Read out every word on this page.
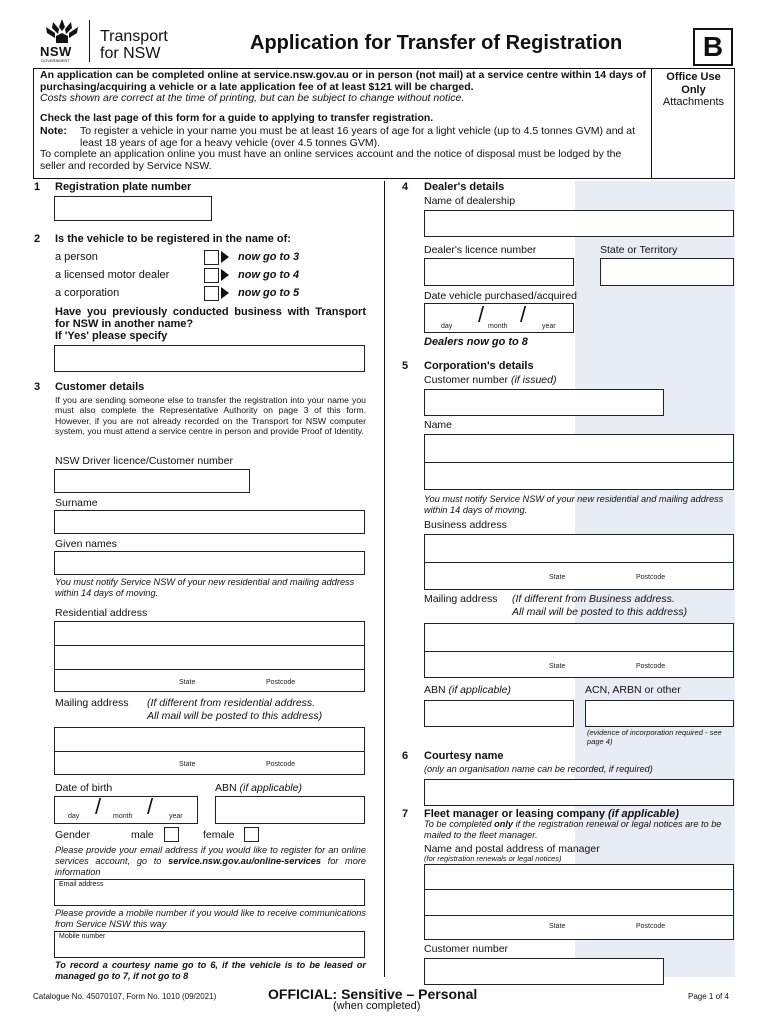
NSW
GOVERNMENT
Transport
for NSW	Application for Transfer of Registration	B
An application can be completed online at service.nsw.gov.au or in person (not mail) at a service centre within 14 days of purchasing/acquiring a vehicle or a late application fee of at least $121 will be charged.
Costs shown are correct at the time of printing, but can be subject to change without notice.
Check the last page of this form for a guide to applying to transfer registration.
Note: To register a vehicle in your name you must be at least 16 years of age for a light vehicle (up to 4.5 tonnes GVM) and at least 18 years of age for a heavy vehicle (over 4.5 tonnes GVM).
To complete an application online you must have an online services account and the notice of disposal must be lodged by the seller and recorded by Service NSW.
Office Use
Only
Attachments
1 Registration plate number
2 Is the vehicle to be registered in the name of:
a person	now go to 3
a licensed motor dealer	now go to 4
a corporation	now go to 5
Have you previously conducted business with Transport for NSW in another name?
If 'Yes' please specify
3 Customer details
If you are sending someone else to transfer the registration into your name you must also complete the Representative Authority on page 3 of this form. However, if you are not already recorded on the Transport for NSW computer system, you must attend a service centre in person and provide Proof of Identity.
NSW Driver licence/Customer number
Surname
Given names
You must notify Service NSW of your new residential and mailing address within 14 days of moving.
Residential address
State	Postcode
Mailing address (If different from residential address.
All mail will be posted to this address)
State	Postcode
Date of birth	ABN (if applicable)
day / month / year
Gender	male	female
Please provide your email address if you would like to register for an online services account, go to service.nsw.gov.au/online-services for more information
Email address
Please provide a mobile number if you would like to receive communications from Service NSW this way
Mobile number
To record a courtesy name go to 6, if the vehicle is to be leased or managed go to 7, if not go to 8
4 Dealer's details
Name of dealership
Dealer's licence number	State or Territory
Date vehicle purchased/acquired
day / month / year
Dealers now go to 8
5 Corporation's details
Customer number (if issued)
Name
You must notify Service NSW of your new residential and mailing address within 14 days of moving.
Business address
State	Postcode
Mailing address (If different from Business address.
All mail will be posted to this address)
State	Postcode
ABN (if applicable)	ACN, ARBN or other
(evidence of incorporation required - see page 4)
6 Courtesy name
(only an organisation name can be recorded, if required)
7 Fleet manager or leasing company (if applicable)
To be completed only if the registration renewal or legal notices are to be mailed to the fleet manager.
Name and postal address of manager
(for registration renewals or legal notices)
State	Postcode
Customer number
Catalogue No. 45070107, Form No. 1010 (09/2021)	OFFICIAL: Sensitive – Personal
(when completed)
Page 1 of 4
